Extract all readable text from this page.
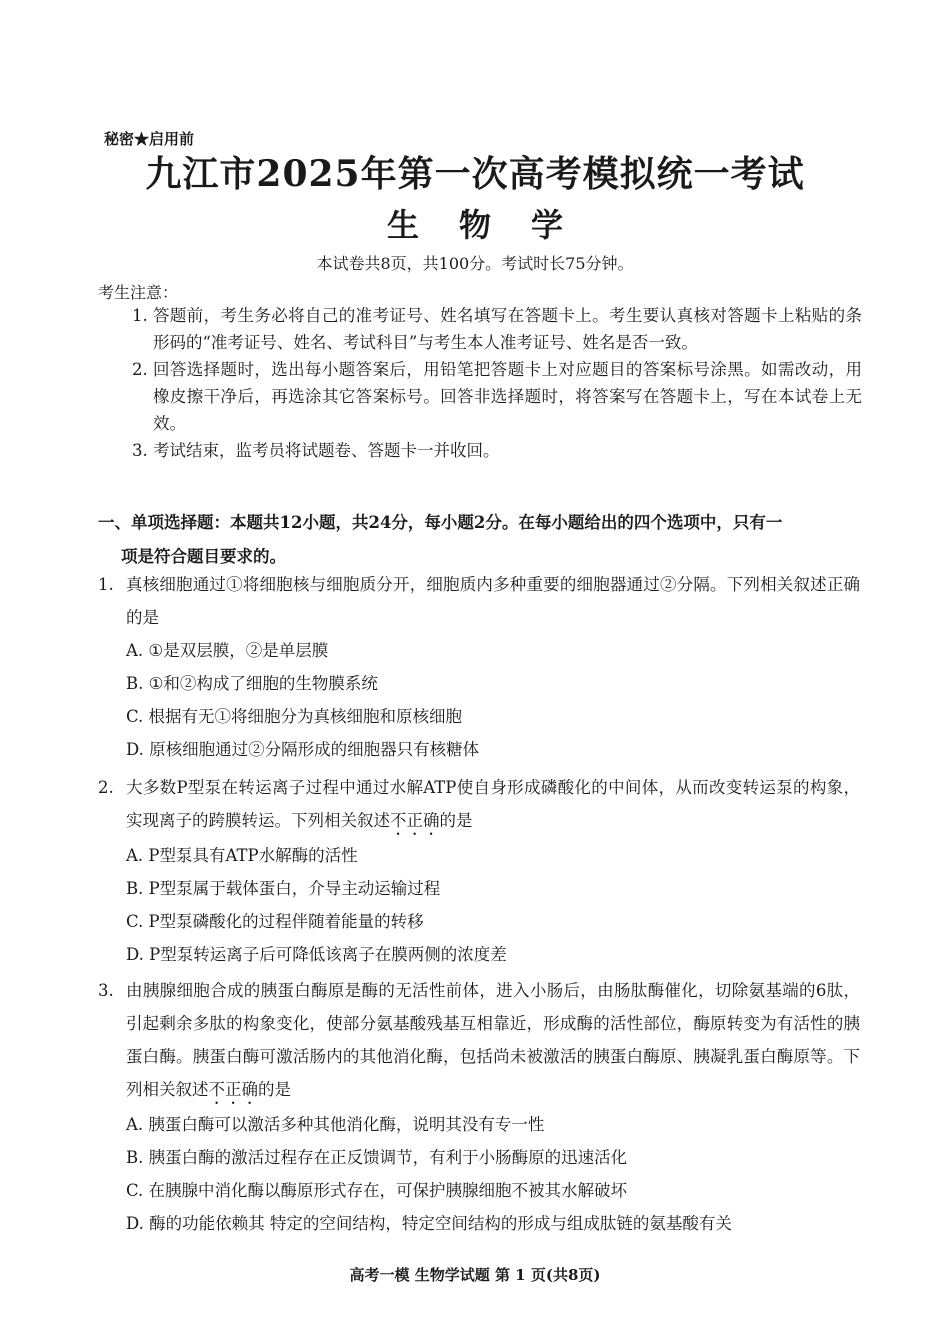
秘密★启用前
九江市2025年第一次高考模拟统一考试
生物学
本试卷共8页，共100分。考试时长75分钟。
考生注意：
1. 答题前，考生务必将自己的准考证号、姓名填写在答题卡上。考生要认真核对答题卡上粘贴的条形码的“准考证号、姓名、考试科目”与考生本人准考证号、姓名是否一致。
2. 回答选择题时，选出每小题答案后，用铅笔把答题卡上对应题目的答案标号涂黑。如需改动，用橡皮擦干净后，再选涂其它答案标号。回答非选择题时，将答案写在答题卡上，写在本试卷上无效。
3. 考试结束，监考员将试题卷、答题卡一并收回。
一、单项选择题：本题共12小题，共24分，每小题2分。在每小题给出的四个选项中，只有一
项是符合题目要求的。
1. 真核细胞通过①将细胞核与细胞质分开，细胞质内多种重要的细胞器通过②分隔。下列相关叙述正确的是
A. ①是双层膜，②是单层膜
B. ①和②构成了细胞的生物膜系统
C. 根据有无①将细胞分为真核细胞和原核细胞
D. 原核细胞通过②分隔形成的细胞器只有核糖体
2. 大多数P型泵在转运离子过程中通过水解ATP使自身形成磷酸化的中间体，从而改变转运泵的构象，实现离子的跨膜转运。下列相关叙述不正确的是
A. P型泵具有ATP水解酶的活性
B. P型泵属于载体蛋白，介导主动运输过程
C. P型泵磷酸化的过程伴随着能量的转移
D. P型泵转运离子后可降低该离子在膜两侧的浓度差
3. 由胰腺细胞合成的胰蛋白酶原是酶的无活性前体，进入小肠后，由肠肽酶催化，切除氨基端的6肽，引起剩余多肽的构象变化，使部分氨基酸残基互相靠近，形成酶的活性部位，酶原转变为有活性的胰蛋白酶。胰蛋白酶可激活肠内的其他消化酶，包括尚未被激活的胰蛋白酶原、胰凝乳蛋白酶原等。下列相关叙述不正确的是
A. 胰蛋白酶可以激活多种其他消化酶，说明其没有专一性
B. 胰蛋白酶的激活过程存在正反馈调节，有利于小肠酶原的迅速活化
C. 在胰腺中消化酶以酶原形式存在，可保护胰腺细胞不被其水解破坏
D. 酶的功能依赖其 特定的空间结构，特定空间结构的形成与组成肽链的氨基酸有关
高考一模 生物学试题 第 1 页(共8页)
